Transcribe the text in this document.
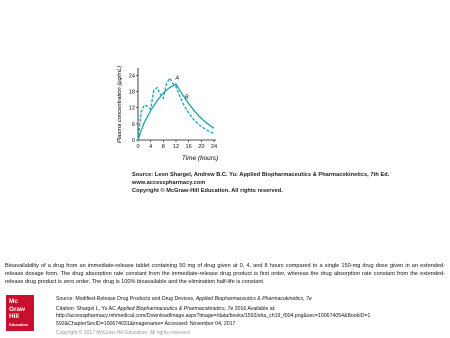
0
6
12
18
24
0 4 8 12 16 20 24
A
B
Plasma concentration (μg/mL)
Time (hours)
Source: Leon Shargel, Andrew B.C. Yu: Applied Biopharmaceutics & Pharmacokinetics, 7th Ed.
www.accesspharmacy.com
Copyright © McGraw-Hill Education. All rights reserved.
Bioavailability of a drug from an immediate-release tablet containing 50 mg of drug given at 0, 4, and 8 hours compared to a single 150-mg drug dose given in an extended-release dosage form. The drug absorption rate constant from the immediate-release drug product is first order, whereas the drug absorption rate constant from the extended-release drug product is zero order. The drug is 100% bioavailable and the elimination half-life is constant.
Mc
Graw
Hill
Education
Source: Modified-Release Drug Products and Drug Devices, Applied Biopharmaceutics & Pharmacokinetics, 7e
Citation: Shargel L, Yu AC Applied Biopharmaceutics & Pharmacokinetics, 7e 2016 Available at:
http://accesspharmacy.mhmedical.com/DownloadImage.aspx?image=/data/books/1592/sha_ch19_f004.png&sec=100674054&BookID=1
592&ChapterSecID=100674031&imagename= Accessed: November 04, 2017
Copyright © 2017 McGraw-Hill Education. All rights reserved
